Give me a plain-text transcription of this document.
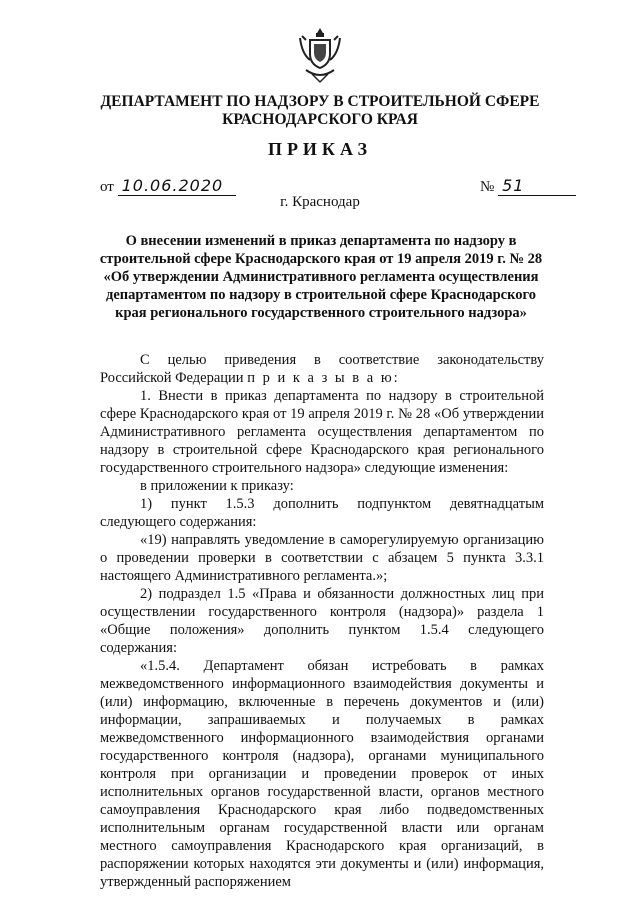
ДЕПАРТАМЕНТ ПО НАДЗОРУ В СТРОИТЕЛЬНОЙ СФЕРЕ
КРАСНОДАРСКОГО КРАЯ
ПРИКАЗ
от 10.06.2020	№ 51
г. Краснодар
О внесении изменений в приказ департамента по надзору в строительной сфере Краснодарского края от 19 апреля 2019 г. № 28 «Об утверждении Административного регламента осуществления департаментом по надзору в строительной сфере Краснодарского края регионального государственного строительного надзора»

С целью приведения в соответствие законодательству Российской Федерации п р и к а з ы в а ю:

1. Внести в приказ департамента по надзору в строительной сфере Краснодарского края от 19 апреля 2019 г. № 28 «Об утверждении Административного регламента осуществления департаментом по надзору в строительной сфере Краснодарского края регионального государственного строительного надзора» следующие изменения:

в приложении к приказу:

1) пункт 1.5.3 дополнить подпунктом девятнадцатым следующего содержания:

«19) направлять уведомление в саморегулируемую организацию о проведении проверки в соответствии с абзацем 5 пункта 3.3.1 настоящего Административного регламента.»;

2) подраздел 1.5 «Права и обязанности должностных лиц при осуществлении государственного контроля (надзора)» раздела 1 «Общие положения» дополнить пунктом 1.5.4 следующего содержания:

«1.5.4. Департамент обязан истребовать в рамках межведомственного информационного взаимодействия документы и (или) информацию, включенные в перечень документов и (или) информации, запрашиваемых и получаемых в рамках межведомственного информационного взаимодействия органами государственного контроля (надзора), органами муниципального контроля при организации и проведении проверок от иных исполнительных органов государственной власти, органов местного самоуправления Краснодарского края либо подведомственных исполнительным органам государственной власти или органам местного самоуправления Краснодарского края организаций, в распоряжении которых находятся эти документы и (или) информация, утвержденный распоряжением
